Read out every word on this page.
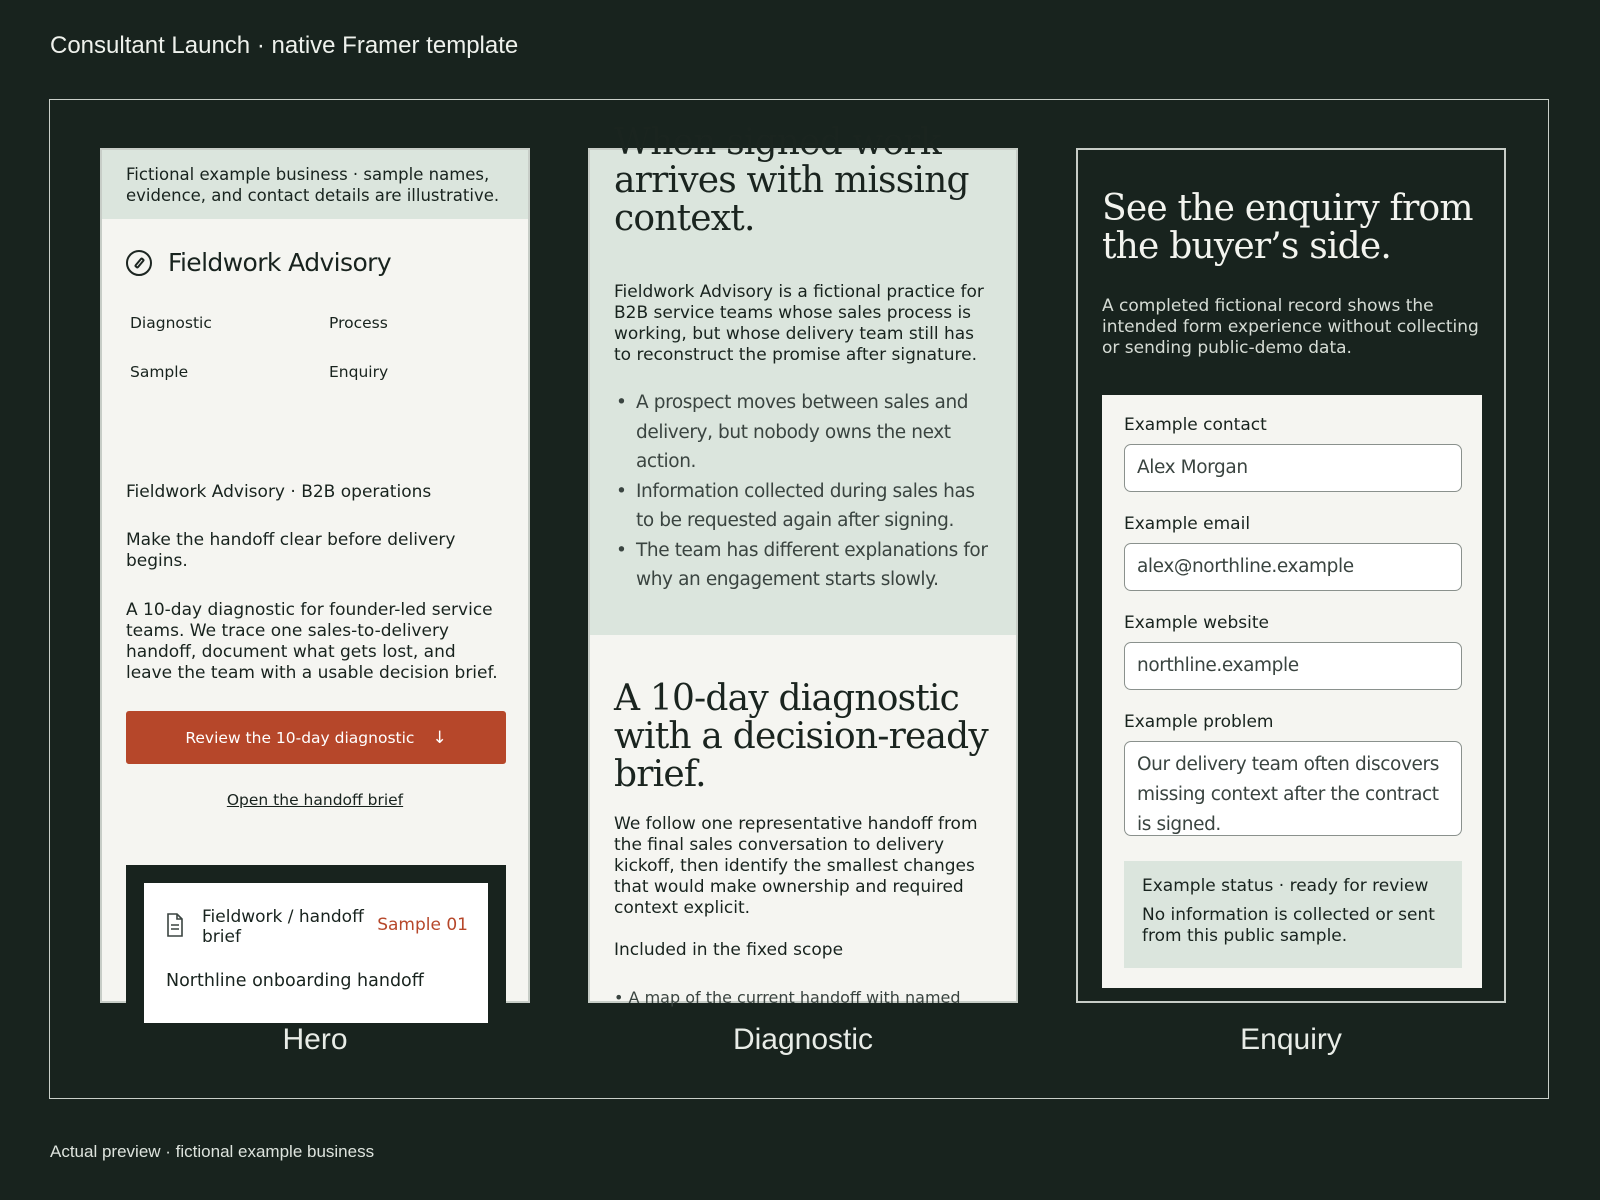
Consultant Launch · native Framer template
Fictional example business · sample names, evidence, and contact details are illustrative.
Fieldwork Advisory
Diagnostic	Process
Sample	Enquiry
Fieldwork Advisory · B2B operations
Make the handoff clear before delivery begins.
A 10-day diagnostic for founder-led service teams. We trace one sales-to-delivery handoff, document what gets lost, and leave the team with a usable decision brief.
Review the 10-day diagnostic ↓
Open the handoff brief
Fieldwork / handoff brief
Sample 01
Northline onboarding handoff
When signed work arrives with missing context.
Fieldwork Advisory is a fictional practice for B2B service teams whose sales process is working, but whose delivery team still has to reconstruct the promise after signature.
• A prospect moves between sales and delivery, but nobody owns the next action.
• Information collected during sales has to be requested again after signing.
• The team has different explanations for why an engagement starts slowly.
A 10-day diagnostic with a decision-ready brief.
We follow one representative handoff from the final sales conversation to delivery kickoff, then identify the smallest changes that would make ownership and required context explicit.
Included in the fixed scope
• A map of the current handoff with named
See the enquiry from the buyer’s side.
A completed fictional record shows the intended form experience without collecting or sending public-demo data.
Example contact
Alex Morgan
Example email
alex@northline.example
Example website
northline.example
Example problem
Our delivery team often discovers missing context after the contract is signed.
Example status · ready for review
No information is collected or sent from this public sample.
Hero	Diagnostic	Enquiry
Actual preview · fictional example business
